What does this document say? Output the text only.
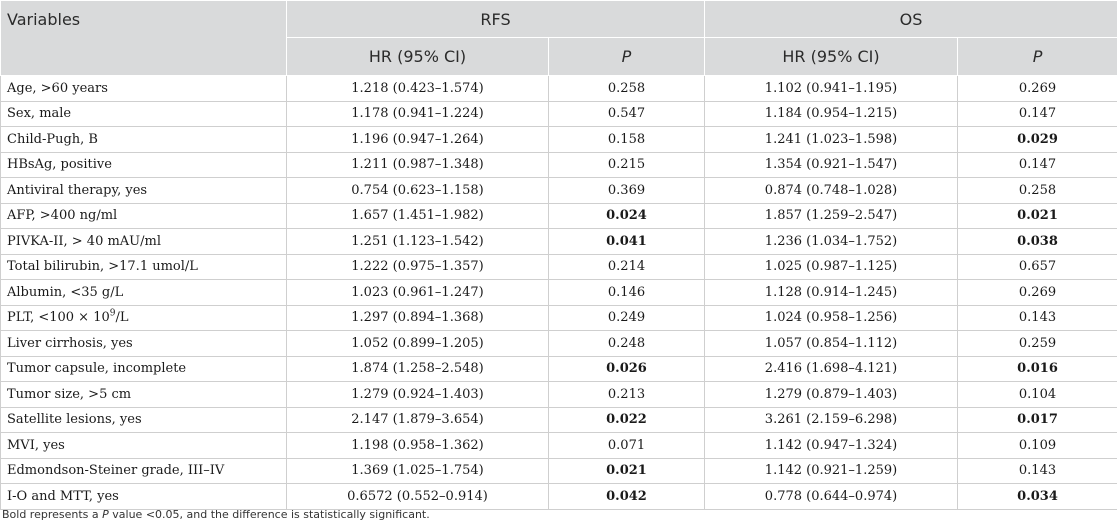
Variables	RFS		OS	
	HR (95% CI)	P	HR (95% CI)	P
Age, >60 years	1.218 (0.423–1.574)	0.258	1.102 (0.941–1.195)	0.269
Sex, male	1.178 (0.941–1.224)	0.547	1.184 (0.954–1.215)	0.147
Child-Pugh, B	1.196 (0.947–1.264)	0.158	1.241 (1.023–1.598)	0.029
HBsAg, positive	1.211 (0.987–1.348)	0.215	1.354 (0.921–1.547)	0.147
Antiviral therapy, yes	0.754 (0.623–1.158)	0.369	0.874 (0.748–1.028)	0.258
AFP, >400 ng/ml	1.657 (1.451–1.982)	0.024	1.857 (1.259–2.547)	0.021
PIVKA-II, > 40 mAU/ml	1.251 (1.123–1.542)	0.041	1.236 (1.034–1.752)	0.038
Total bilirubin, >17.1 umol/L	1.222 (0.975–1.357)	0.214	1.025 (0.987–1.125)	0.657
Albumin, <35 g/L	1.023 (0.961–1.247)	0.146	1.128 (0.914–1.245)	0.269
PLT, $<100 \times 10^9/L$	1.297 (0.894–1.368)	0.249	1.024 (0.958–1.256)	0.143
Liver cirrhosis, yes	1.052 (0.899–1.205)	0.248	1.057 (0.854–1.112)	0.259
Tumor capsule, incomplete	1.874 (1.258–2.548)	0.026	2.416 (1.698–4.121)	0.016
Tumor size, >5 cm	1.279 (0.924–1.403)	0.213	1.279 (0.879–1.403)	0.104
Satellite lesions, yes	2.147 (1.879–3.654)	0.022	3.261 (2.159–6.298)	0.017
MVI, yes	1.198 (0.958–1.362)	0.071	1.142 (0.947–1.324)	0.109
Edmondson-Steiner grade, III–IV	1.369 (1.025–1.754)	0.021	1.142 (0.921–1.259)	0.143
I-O and MTT, yes	0.6572 (0.552–0.914)	0.042	0.778 (0.644–0.974)	0.034
Bold represents a P value <0.05, and the difference is statistically significant.
